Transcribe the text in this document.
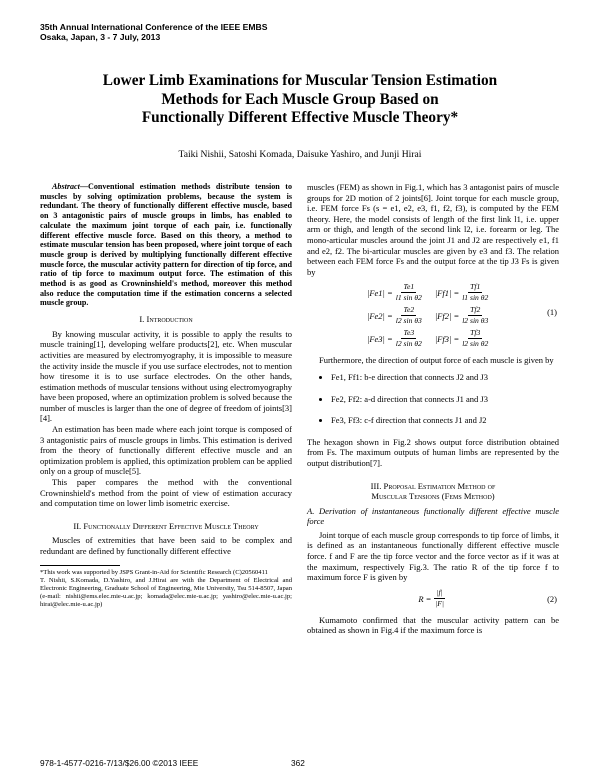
35th Annual International Conference of the IEEE EMBS
Osaka, Japan, 3 - 7 July, 2013
Lower Limb Examinations for Muscular Tension Estimation
Methods for Each Muscle Group Based on
Functionally Different Effective Muscle Theory*
Taiki Nishii, Satoshi Komada, Daisuke Yashiro, and Junji Hirai

Abstract—Conventional estimation methods distribute tension to muscles by solving optimization problems, because the system is redundant. The theory of functionally different effective muscle, based on 3 antagonistic pairs of muscle groups in limbs, has enabled to calculate the maximum joint torque of each pair, i.e. functionally different effective muscle force. Based on this theory, a method to estimate muscular tension has been proposed, where joint torque of each muscle group is derived by multiplying functionally different effective muscle force, the muscular activity pattern for direction of tip force, and ratio of tip force to maximum output force. The estimation of this method is as good as Crowninshield's method, moreover this method also reduce the computation time if the estimation concerns a selected muscle group.

I. Introduction

By knowing muscular activity, it is possible to apply the results to muscle training[1], developing welfare products[2], etc. When muscular activities are measured by electromyography, it is impossible to measure the activity inside the muscle if you use surface electrodes, not to mention how tiresome it is to use surface electrodes. On the other hands, estimation methods of muscular tensions without using electromyography have been proposed, where an optimization problem is solved because the number of muscles is larger than the one of degree of freedom of joints[3][4].

An estimation has been made where each joint torque is composed of 3 antagonistic pairs of muscle groups in limbs. This estimation is derived from the theory of functionally different effective muscle and an optimization problem is applied, this optimization problem can be applied only on a group of muscle[5].

This paper compares the method with the conventional Crowninshield's method from the point of view of estimation accuracy and computation time on lower limb isometric exercise.

II. Functionally Different Effective Muscle Theory

Muscles of extremities that have been said to be complex and redundant are defined by functionally different effective

*This work was supported by JSPS Grant-in-Aid for Scientific Research (C)20560411

T. Nishii, S.Komada, D.Yashiro, and J.Hirai are with the Department of Electrical and Electronic Engineering, Graduate School of Engineering, Mie University, Tsu 514-8507, Japan (e-mail: nishii@ems.elec.mie-u.ac.jp; komada@elec.mie-u.ac.jp; yashiro@elec.mie-u.ac.jp; hirai@elec.mie-u.ac.jp)

muscles (FEM) as shown in Fig.1, which has 3 antagonist pairs of muscle groups for 2D motion of 2 joints[6]. Joint torque for each muscle group, i.e. FEM force Fs (s = e1, e2, e3, f1, f2, f3), is computed by the FEM theory. Here, the model consists of length of the first link l1, i.e. upper arm or thigh, and length of the second link l2, i.e. forearm or leg. The mono-articular muscles around the joint J1 and J2 are respectively e1, f1 and e2, f2. The bi-articular muscles are given by e3 and f3. The relation between each FEM force Fs and the output force at the tip J3 Fs is given by

$|Fe1| = \frac{Te1}{\text{l1 sin θ2}} |Ff1| = \frac{Tf1}{\text{l1 sin θ2}}$
$|Fe2| = \frac{Te2}{\text{l2 sin θ3}} |Ff2| = \frac{Tf2}{\text{l2 sin θ3}}$
$|Fe3| = \frac{Te3}{\text{l2 sin θ2}} |Ff3| = \frac{Tf3}{\text{l2 sin θ2}}$
(1)

Furthermore, the direction of output force of each muscle is given by

• Fe1, Ff1: b-e direction that connects J2 and J3
• Fe2, Ff2: a-d direction that connects J1 and J3
• Fe3, Ff3: c-f direction that connects J1 and J2

The hexagon shown in Fig.2 shows output force distribution obtained from Fs. The maximum outputs of human limbs are represented by the output distribution[7].

III. Proposal Estimation Method of
Muscular Tensions (Fems Method)
A. Derivation of instantaneous functionally different effective muscle force

Joint torque of each muscle group corresponds to tip force of limbs, it is defined as an instantaneous functionally different effective muscle force. f and F are the tip force vector and the force vector as if it was at the maximum, respectively Fig.3. The ratio R of the tip force f to maximum force F is given by

$R = \frac{|f|}{|F|}$	(2)

Kumamoto confirmed that the muscular activity pattern can be obtained as shown in Fig.4 if the maximum force is

978-1-4577-0216-7/13/$26.00 ©2013 IEEE	362
